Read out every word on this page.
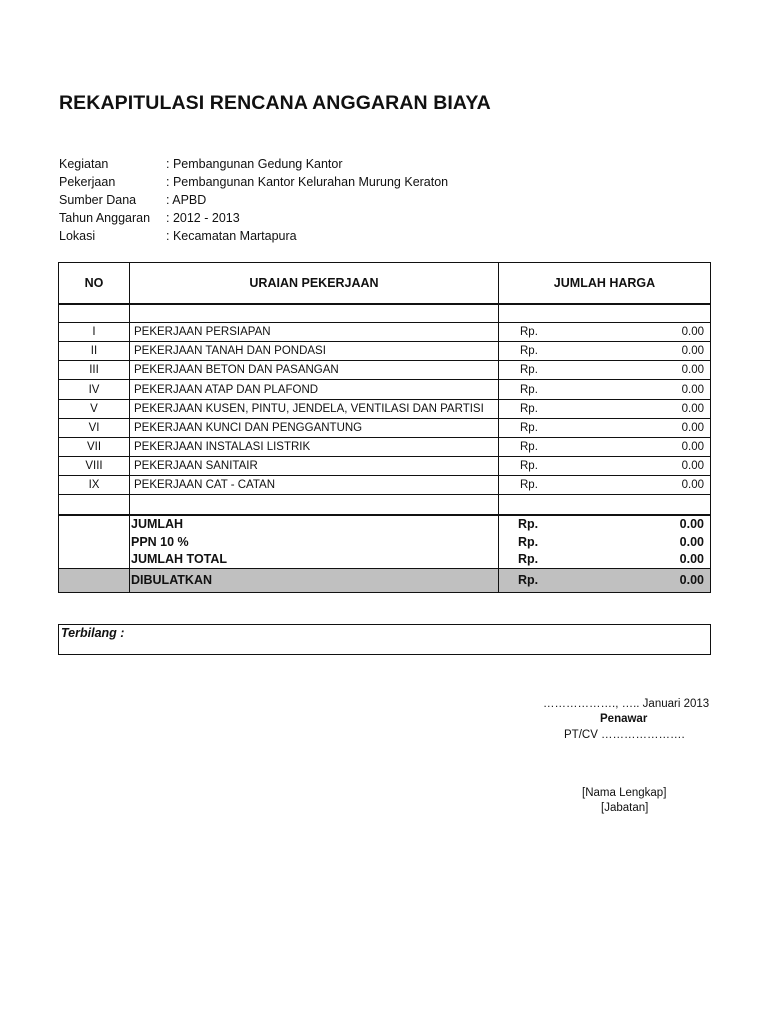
REKAPITULASI RENCANA ANGGARAN BIAYA
Kegiatan	: Pembangunan Gedung Kantor
Pekerjaan	: Pembangunan Kantor Kelurahan Murung Keraton
Sumber Dana : APBD
Tahun Anggaran : 2012 - 2013
Lokasi	: Kecamatan Martapura
NO	URAIAN PEKERJAAN	JUMLAH HARGA
I	PEKERJAAN PERSIAPAN	Rp.	0.00
II	PEKERJAAN TANAH DAN PONDASI	Rp.	0.00
III	PEKERJAAN BETON DAN PASANGAN	Rp.	0.00
IV	PEKERJAAN ATAP DAN PLAFOND	Rp.	0.00
V	PEKERJAAN KUSEN, PINTU, JENDELA, VENTILASI DAN PARTISI	Rp.	0.00
VI	PEKERJAAN KUNCI DAN PENGGANTUNG	Rp.	0.00
VII	PEKERJAAN INSTALASI LISTRIK	Rp.	0.00
VIII	PEKERJAAN SANITAIR	Rp.	0.00
IX	PEKERJAAN CAT - CATAN	Rp.	0.00
JUMLAH	Rp.	0.00
PPN 10 %	Rp.	0.00
JUMLAH TOTAL	Rp.	0.00
DIBULATKAN	Rp.	0.00
Terbilang :
………………., ….. Januari 2013
Penawar
PT/CV ………………….
[Nama Lengkap]
[Jabatan]
